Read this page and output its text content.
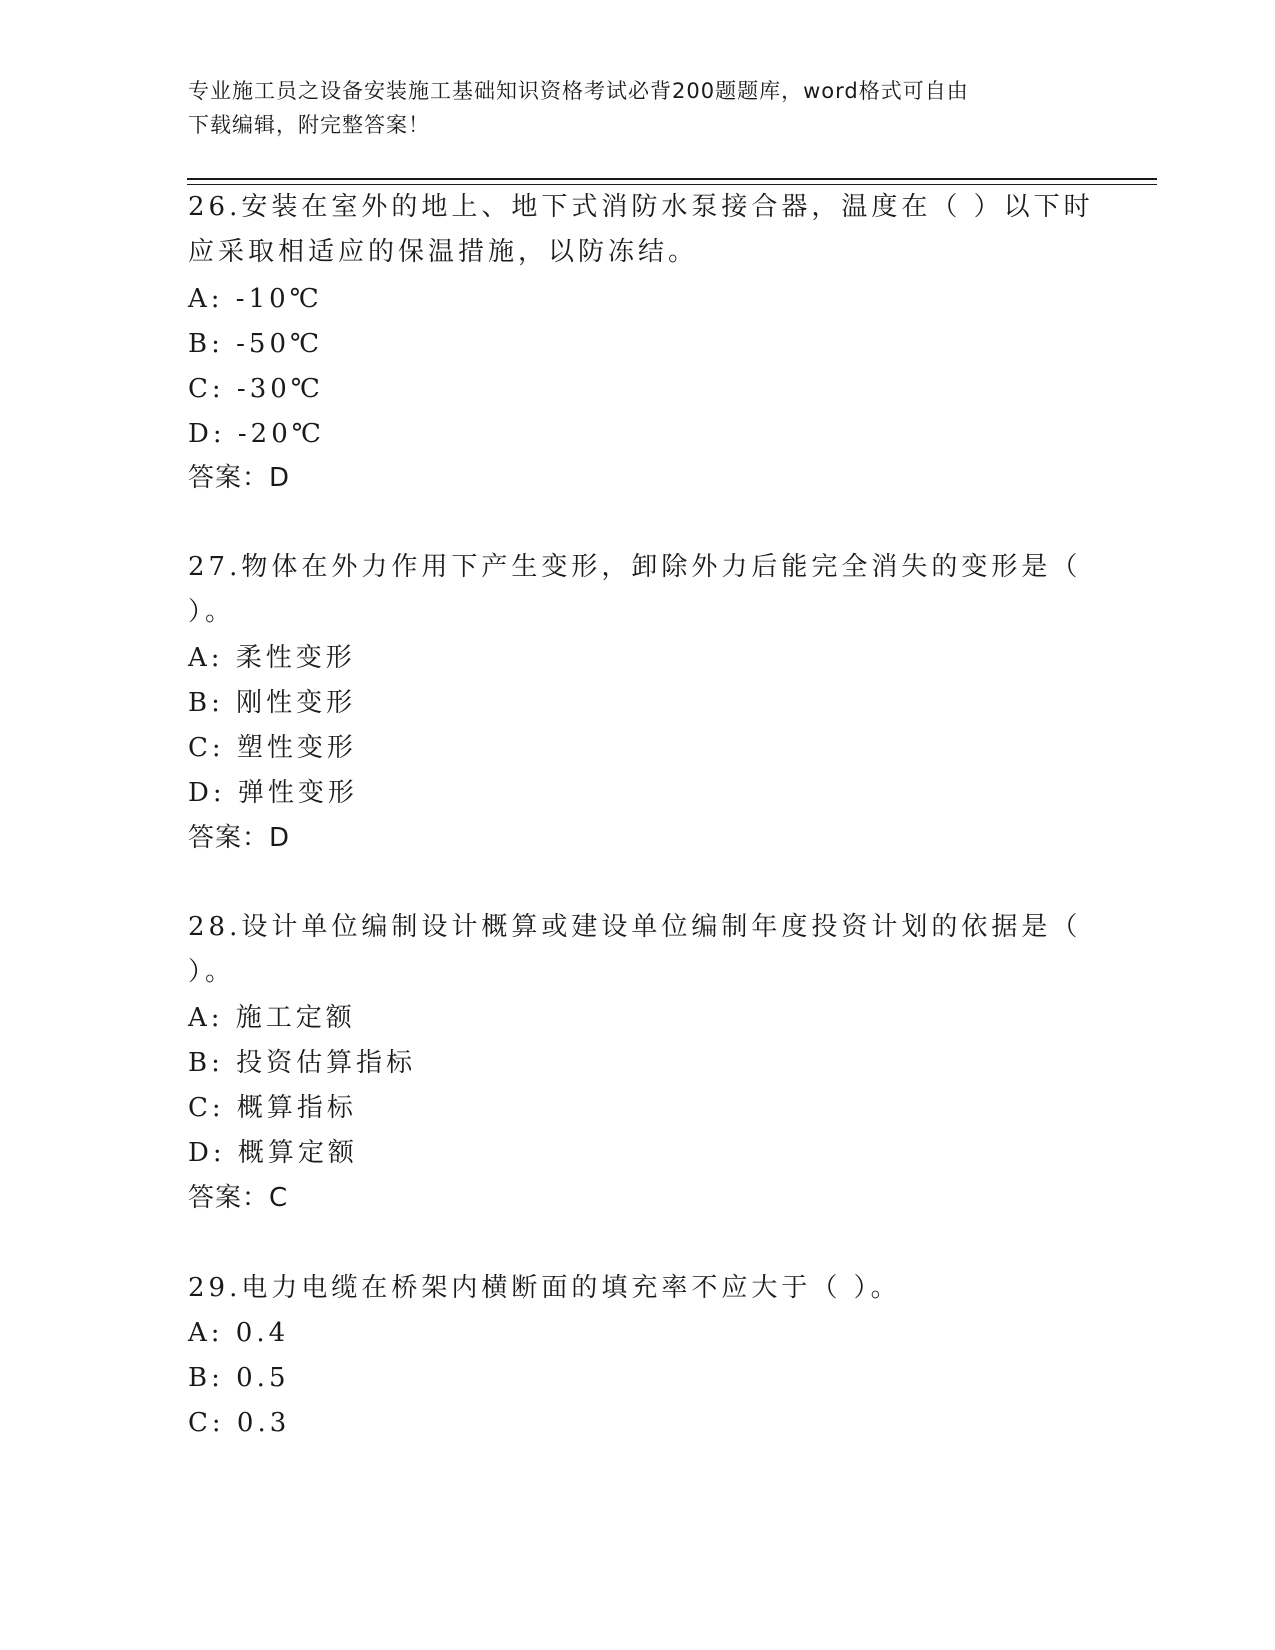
专业施工员之设备安装施工基础知识资格考试必背200题题库，word格式可自由
下载编辑，附完整答案！
26.安装在室外的地上、地下式消防水泵接合器，温度在（ ）以下时
应采取相适应的保温措施，以防冻结。
A: -10℃
B: -50℃
C: -30℃
D: -20℃
答案：D
27.物体在外力作用下产生变形，卸除外力后能完全消失的变形是（
）。
A: 柔性变形
B: 刚性变形
C: 塑性变形
D: 弹性变形
答案：D
28.设计单位编制设计概算或建设单位编制年度投资计划的依据是（
）。
A: 施工定额
B: 投资估算指标
C: 概算指标
D: 概算定额
答案：C
29.电力电缆在桥架内横断面的填充率不应大于（ ）。
A: 0.4
B: 0.5
C: 0.3
